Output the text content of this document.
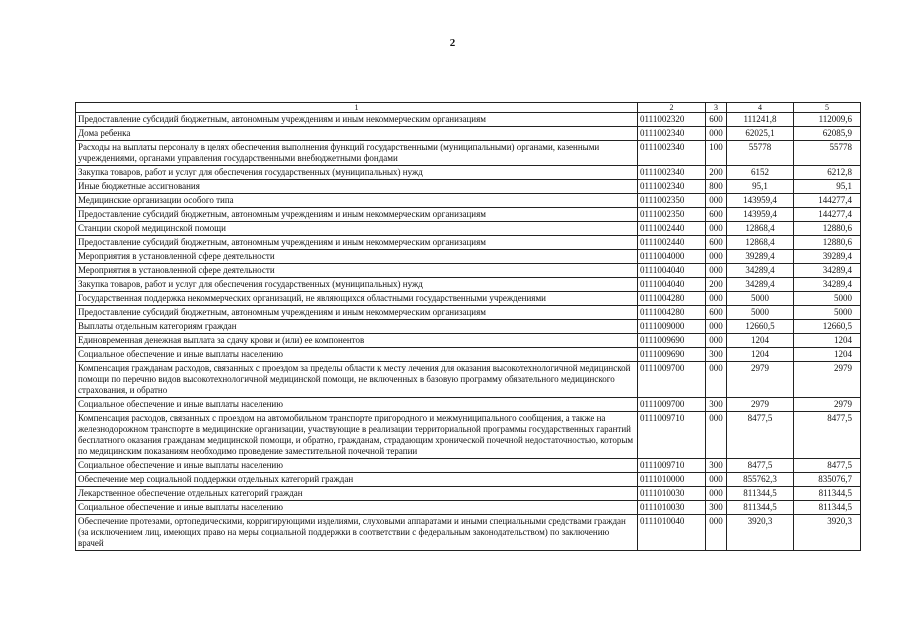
2
1	2	3	4	5
Предоставление субсидий бюджетным, автономным учреждениям и иным некоммерческим организациям	0111002320	600	111241,8	112009,6
Дома ребенка	0111002340	000	62025,1	62085,9
Расходы на выплаты персоналу в целях обеспечения выполнения функций государственными (муниципальными) органами, казенными учреждениями, органами управления государственными внебюджетными фондами	0111002340	100	55778	55778
Закупка товаров, работ и услуг для обеспечения государственных (муниципальных) нужд	0111002340	200	6152	6212,8
Иные бюджетные ассигнования	0111002340	800	95,1	95,1
Медицинские организации особого типа	0111002350	000	143959,4	144277,4
Предоставление субсидий бюджетным, автономным учреждениям и иным некоммерческим организациям	0111002350	600	143959,4	144277,4
Станции скорой медицинской помощи	0111002440	000	12868,4	12880,6
Предоставление субсидий бюджетным, автономным учреждениям и иным некоммерческим организациям	0111002440	600	12868,4	12880,6
Мероприятия в установленной сфере деятельности	0111004000	000	39289,4	39289,4
Мероприятия в установленной сфере деятельности	0111004040	000	34289,4	34289,4
Закупка товаров, работ и услуг для обеспечения государственных (муниципальных) нужд	0111004040	200	34289,4	34289,4
Государственная поддержка некоммерческих организаций, не являющихся областными государственными учреждениями	0111004280	000	5000	5000
Предоставление субсидий бюджетным, автономным учреждениям и иным некоммерческим организациям	0111004280	600	5000	5000
Выплаты отдельным категориям граждан	0111009000	000	12660,5	12660,5
Единовременная денежная выплата за сдачу крови и (или) ее компонентов	0111009690	000	1204	1204
Социальное обеспечение и иные выплаты населению	0111009690	300	1204	1204
Компенсация гражданам расходов, связанных с проездом за пределы области к месту лечения для оказания высокотехнологичной медицинской помощи по перечню видов высокотехнологичной медицинской помощи, не включенных в базовую программу обязательного медицинского страхования, и обратно	0111009700	000	2979	2979
Социальное обеспечение и иные выплаты населению	0111009700	300	2979	2979
Компенсация расходов, связанных с проездом на автомобильном транспорте пригородного и межмуниципального сообщения, а также на железнодорожном транспорте в медицинские организации, участвующие в реализации территориальной программы государственных гарантий бесплатного оказания гражданам медицинской помощи, и обратно, гражданам, страдающим хронической почечной недостаточностью, которым по медицинским показаниям необходимо проведение заместительной почечной терапии	0111009710	000	8477,5	8477,5
Социальное обеспечение и иные выплаты населению	0111009710	300	8477,5	8477,5
Обеспечение мер социальной поддержки отдельных категорий граждан	0111010000	000	855762,3	835076,7
Лекарственное обеспечение отдельных категорий граждан	0111010030	000	811344,5	811344,5
Социальное обеспечение и иные выплаты населению	0111010030	300	811344,5	811344,5
Обеспечение протезами, ортопедическими, корригирующими изделиями, слуховыми аппаратами и иными специальными средствами граждан (за исключением лиц, имеющих право на меры социальной поддержки в соответствии с федеральным законодательством) по заключению врачей	0111010040	000	3920,3	3920,3
